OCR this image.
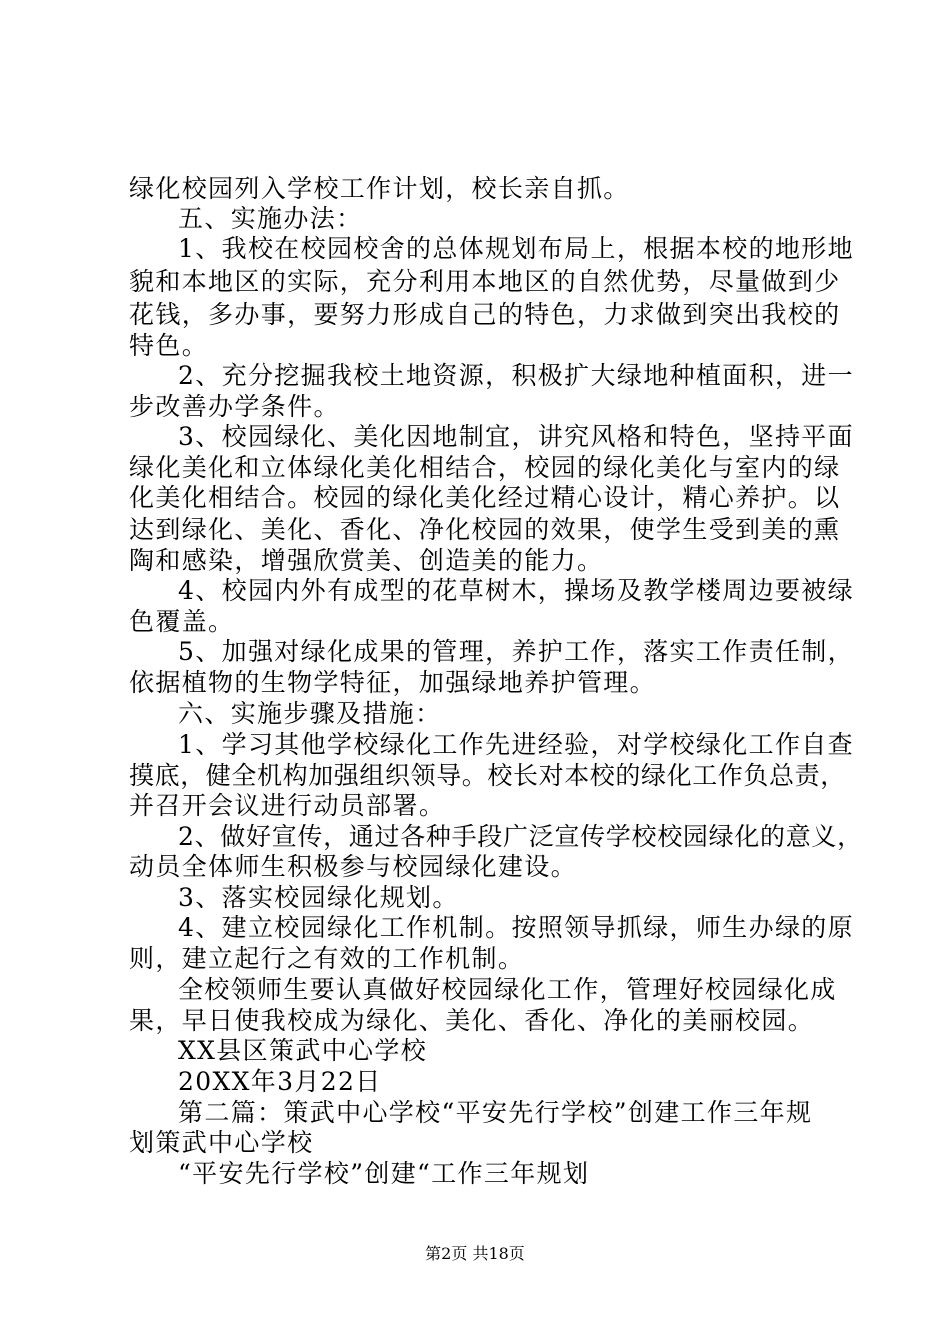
绿化校园列入学校工作计划，校长亲自抓。
五、实施办法：
1、我校在校园校舍的总体规划布局上，根据本校的地形地
貌和本地区的实际，充分利用本地区的自然优势，尽量做到少
花钱，多办事，要努力形成自己的特色，力求做到突出我校的
特色。
2、充分挖掘我校土地资源，积极扩大绿地种植面积，进一
步改善办学条件。
3、校园绿化、美化因地制宜，讲究风格和特色，坚持平面
绿化美化和立体绿化美化相结合，校园的绿化美化与室内的绿
化美化相结合。校园的绿化美化经过精心设计，精心养护。以
达到绿化、美化、香化、净化校园的效果，使学生受到美的熏
陶和感染，增强欣赏美、创造美的能力。
4、校园内外有成型的花草树木，操场及教学楼周边要被绿
色覆盖。
5、加强对绿化成果的管理，养护工作，落实工作责任制，
依据植物的生物学特征，加强绿地养护管理。
六、实施步骤及措施：
1、学习其他学校绿化工作先进经验，对学校绿化工作自查
摸底，健全机构加强组织领导。校长对本校的绿化工作负总责，
并召开会议进行动员部署。
2、做好宣传，通过各种手段广泛宣传学校校园绿化的意义，
动员全体师生积极参与校园绿化建设。
3、落实校园绿化规划。
4、建立校园绿化工作机制。按照领导抓绿，师生办绿的原
则，建立起行之有效的工作机制。
全校领师生要认真做好校园绿化工作，管理好校园绿化成
果，早日使我校成为绿化、美化、香化、净化的美丽校园。
XX县区策武中心学校
20XX年3月22日
第二篇：策武中心学校“平安先行学校”创建工作三年规
划策武中心学校
“平安先行学校”创建“工作三年规划
第2页 共18页
